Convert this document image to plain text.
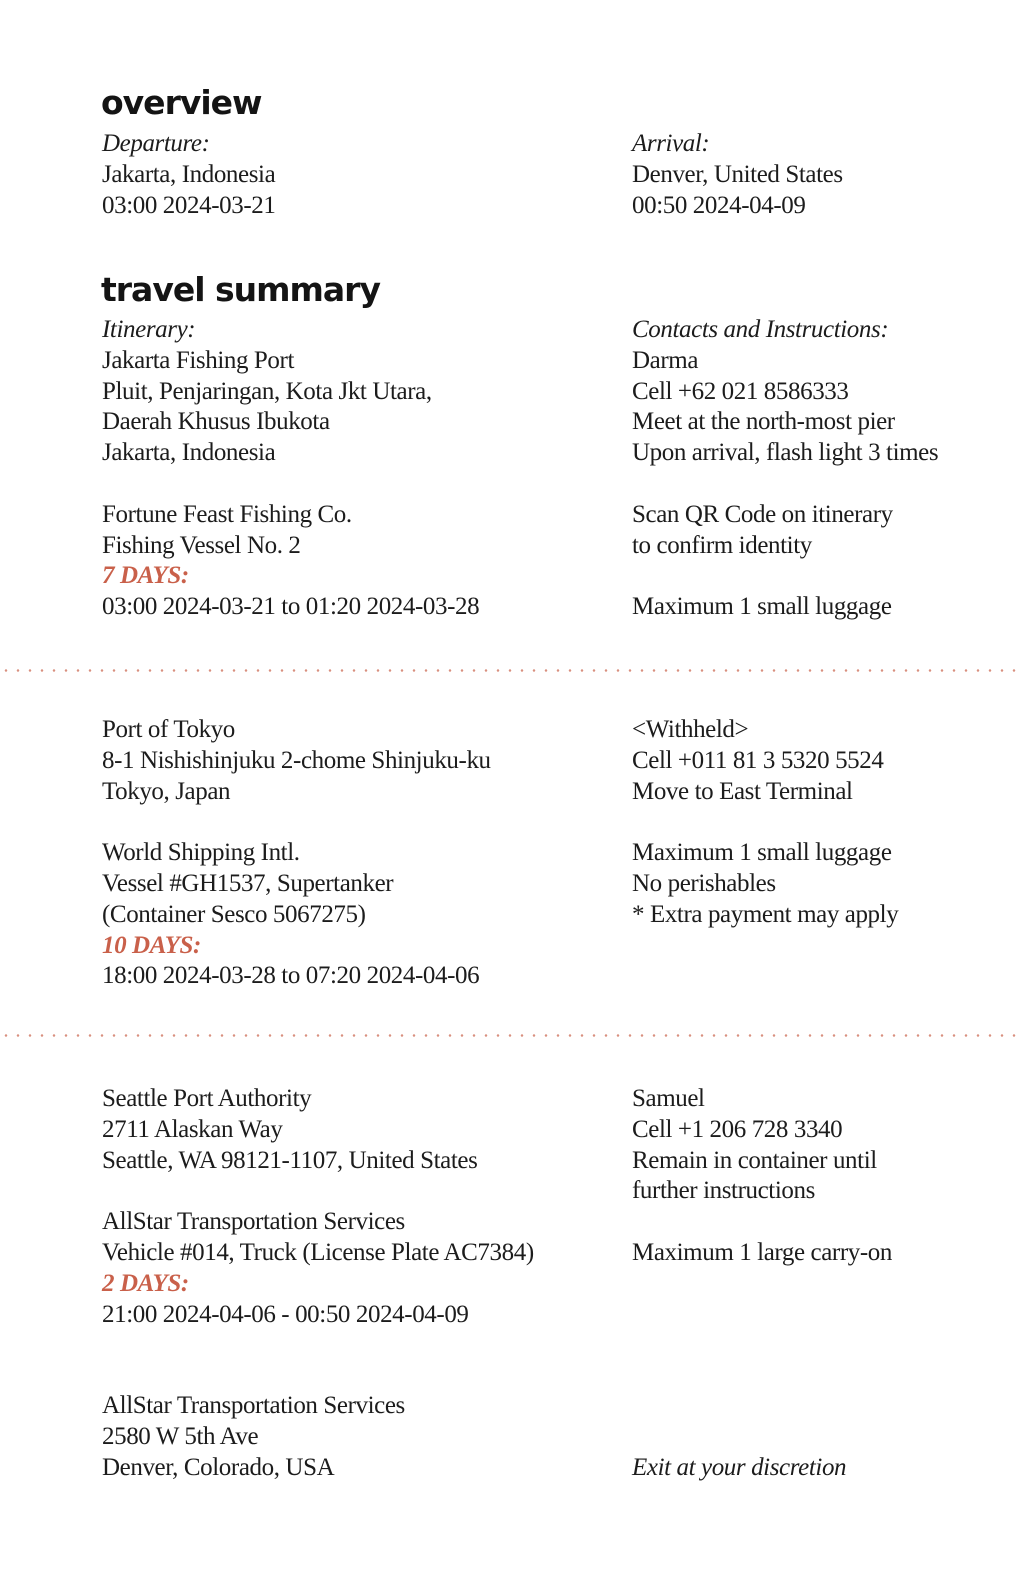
overview
Departure:
Jakarta, Indonesia
03:00 2024-03-21
Arrival:
Denver, United States
00:50 2024-04-09
travel summary
Itinerary:
Jakarta Fishing Port
Pluit, Penjaringan, Kota Jkt Utara,
Daerah Khusus Ibukota
Jakarta, Indonesia
Fortune Feast Fishing Co.
Fishing Vessel No. 2
7 DAYS:
03:00 2024-03-21 to 01:20 2024-03-28
Contacts and Instructions:
Darma
Cell +62 021 8586333
Meet at the north-most pier
Upon arrival, flash light 3 times
Scan QR Code on itinerary
to confirm identity
Maximum 1 small luggage
Port of Tokyo
8-1 Nishishinjuku 2-chome Shinjuku-ku
Tokyo, Japan
World Shipping Intl.
Vessel #GH1537, Supertanker
(Container Sesco 5067275)
10 DAYS:
18:00 2024-03-28 to 07:20 2024-04-06
<Withheld>
Cell +011 81 3 5320 5524
Move to East Terminal
Maximum 1 small luggage
No perishables
* Extra payment may apply
Seattle Port Authority
2711 Alaskan Way
Seattle, WA 98121-1107, United States
AllStar Transportation Services
Vehicle #014, Truck (License Plate AC7384)
2 DAYS:
21:00 2024-04-06 - 00:50 2024-04-09
Samuel
Cell +1 206 728 3340
Remain in container until
further instructions
Maximum 1 large carry-on
AllStar Transportation Services
2580 W 5th Ave
Denver, Colorado, USA	Exit at your discretion
